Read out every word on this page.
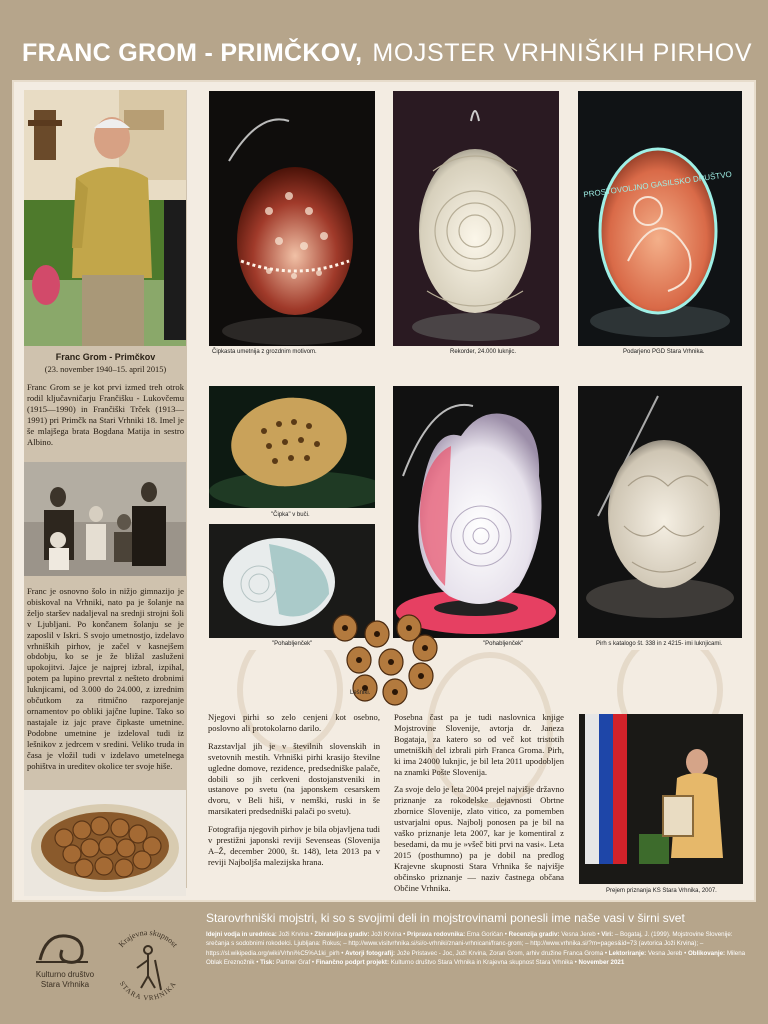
FRANC GROM - PRIMČKOV, MOJSTER VRHNIŠKIH PIRHOV
Franc Grom - Primčkov
(23. november 1940–15. april 2015)
Franc Grom se je kot prvi izmed treh otrok rodil ključavničarju Frančišku - Lukovčemu (1915—1990) in Frančiški Trček (1913—1991) pri Primčk na Stari Vrhniki 18. Imel je še mlajšega brata Bogdana Matija in sestro Albino.
Franc je osnovno šolo in nižjo gimnazijo je obiskoval na Vrhniki, nato pa je šolanje na željo staršev nadaljeval na srednji strojni šoli v Ljubljani. Po končanem šolanju se je zaposlil v Iskri. S svojo umetnostjo, izdelavo vrhniških pirhov, je začel v kasnejšem obdobju, ko se je že bližal zasluženi upokojitvi. Jajce je najprej izbral, izpihal, potem pa lupino prevrtal z nešteto drobnimi luknjicami, od 3.000 do 24.000, z izrednim občutkom za ritmično razporejanje ornamentov po obliki jajčne lupine. Tako so nastajale iz jajc prave čipkaste umetnine. Podobne umetnine je izdeloval tudi iz lešnikov z jedrcem v sredini. Veliko truda in časa je vložil tudi v izdelavo umetelnega pohištva in ureditev okolice ter svoje hiše.
Čipkasta umetnija z grozdnim motivom.	Rekorder, 24.000 luknjic.
PROSTOVOLJNO GASILSKO DRUŠTVO
Podarjeno PGD Stara Vrhnika.
"Čipka" v buči.
"Pohabljenček"	"Pohabljenček"	Pirh s katalogo št. 338 in z 4215- imi luknjicami.
Lešniki.

Njegovi pirhi so zelo cenjeni kot osebno, poslovno ali protokolarno darilo.

Razstavljal jih je v številnih slovenskih in svetovnih mestih. Vrhniški pirhi krasijo številne ugledne domove, rezidence, predsedniške palače, dobili so jih cerkveni dostojanstveniki in ustanove po svetu (na japonskem cesarskem dvoru, v Beli hiši, v nemški, ruski in še marsikateri predsedniški palači po svetu).

Fotografija njegovih pirhov je bila objavljena tudi v prestižni japonski reviji Sevenseas (Slovenija A–Ž, december 2000, št. 148), leta 2013 pa v reviji Najboljša malezijska hrana.

Posebna čast pa je tudi naslovnica knjige Mojstrovine Slovenije, avtorja dr. Janeza Bogataja, za katero so od več kot tristotih umetniških del izbrali pirh Franca Groma. Pirh, ki ima 24000 luknjic, je bil leta 2011 upodobljen na znamki Pošte Slovenija.

Za svoje delo je leta 2004 prejel najvišje državno priznanje za rokodelske dejavnosti Obrtne zbornice Slovenije, zlato vitico, za pomemben ustvarjalni opus. Najbolj ponosen pa je bil na vaško priznanje leta 2007, kar je komentiral z besedami, da mu je »všeč biti prvi na vasi«. Leta 2015 (posthumno) pa je dobil na predlog Krajevne skupnosti Stara Vrhnika še najvišje občinsko priznanje — naziv častnega občana Občine Vrhnika.	Prejem priznanja KS Stara Vrhnika, 2007.
Starovrhniški mojstri, ki so s svojimi deli in mojstrovinami ponesli ime naše vasi v širni svet
Idejni vodja in urednica: Joži Krvina • Zbirateljica gradiv: Joži Krvina • Priprava rodovnika: Ema Goričan • Recenzija gradiv: Vesna Jereb • Viri: – Bogataj, J. (1999). Mojstrovine Slovenije: srečanja s sodobnimi rokodelci. Ljubljana: Rokus; – http://www.visitvrhnika.si/si/o-vrhniki/znani-vrhnicani/franc-grom; – http://www.vrhnika.si/?m=pages&id=73 (avtorica Joži Krvina); – https://sl.wikipedia.org/wiki/Vrhni%C5%A1ki_pirh • Avtorji fotografij: Jože Pristavec - Joc, Joži Krvina, Zoran Grom, arhiv družine Franca Groma • Lektoriranje: Vesna Jereb • Oblikovanje: Milena Oblak Ereznožnik • Tisk: Partner Graf • Finančno podprt projekt: Kulturno društvo Stara Vrhnika in Krajevna skupnost Stara Vrhnika • November 2021
Kulturno društvo
Stara Vrhnika
Krajevna skupnost
STARA VRHNIKA
